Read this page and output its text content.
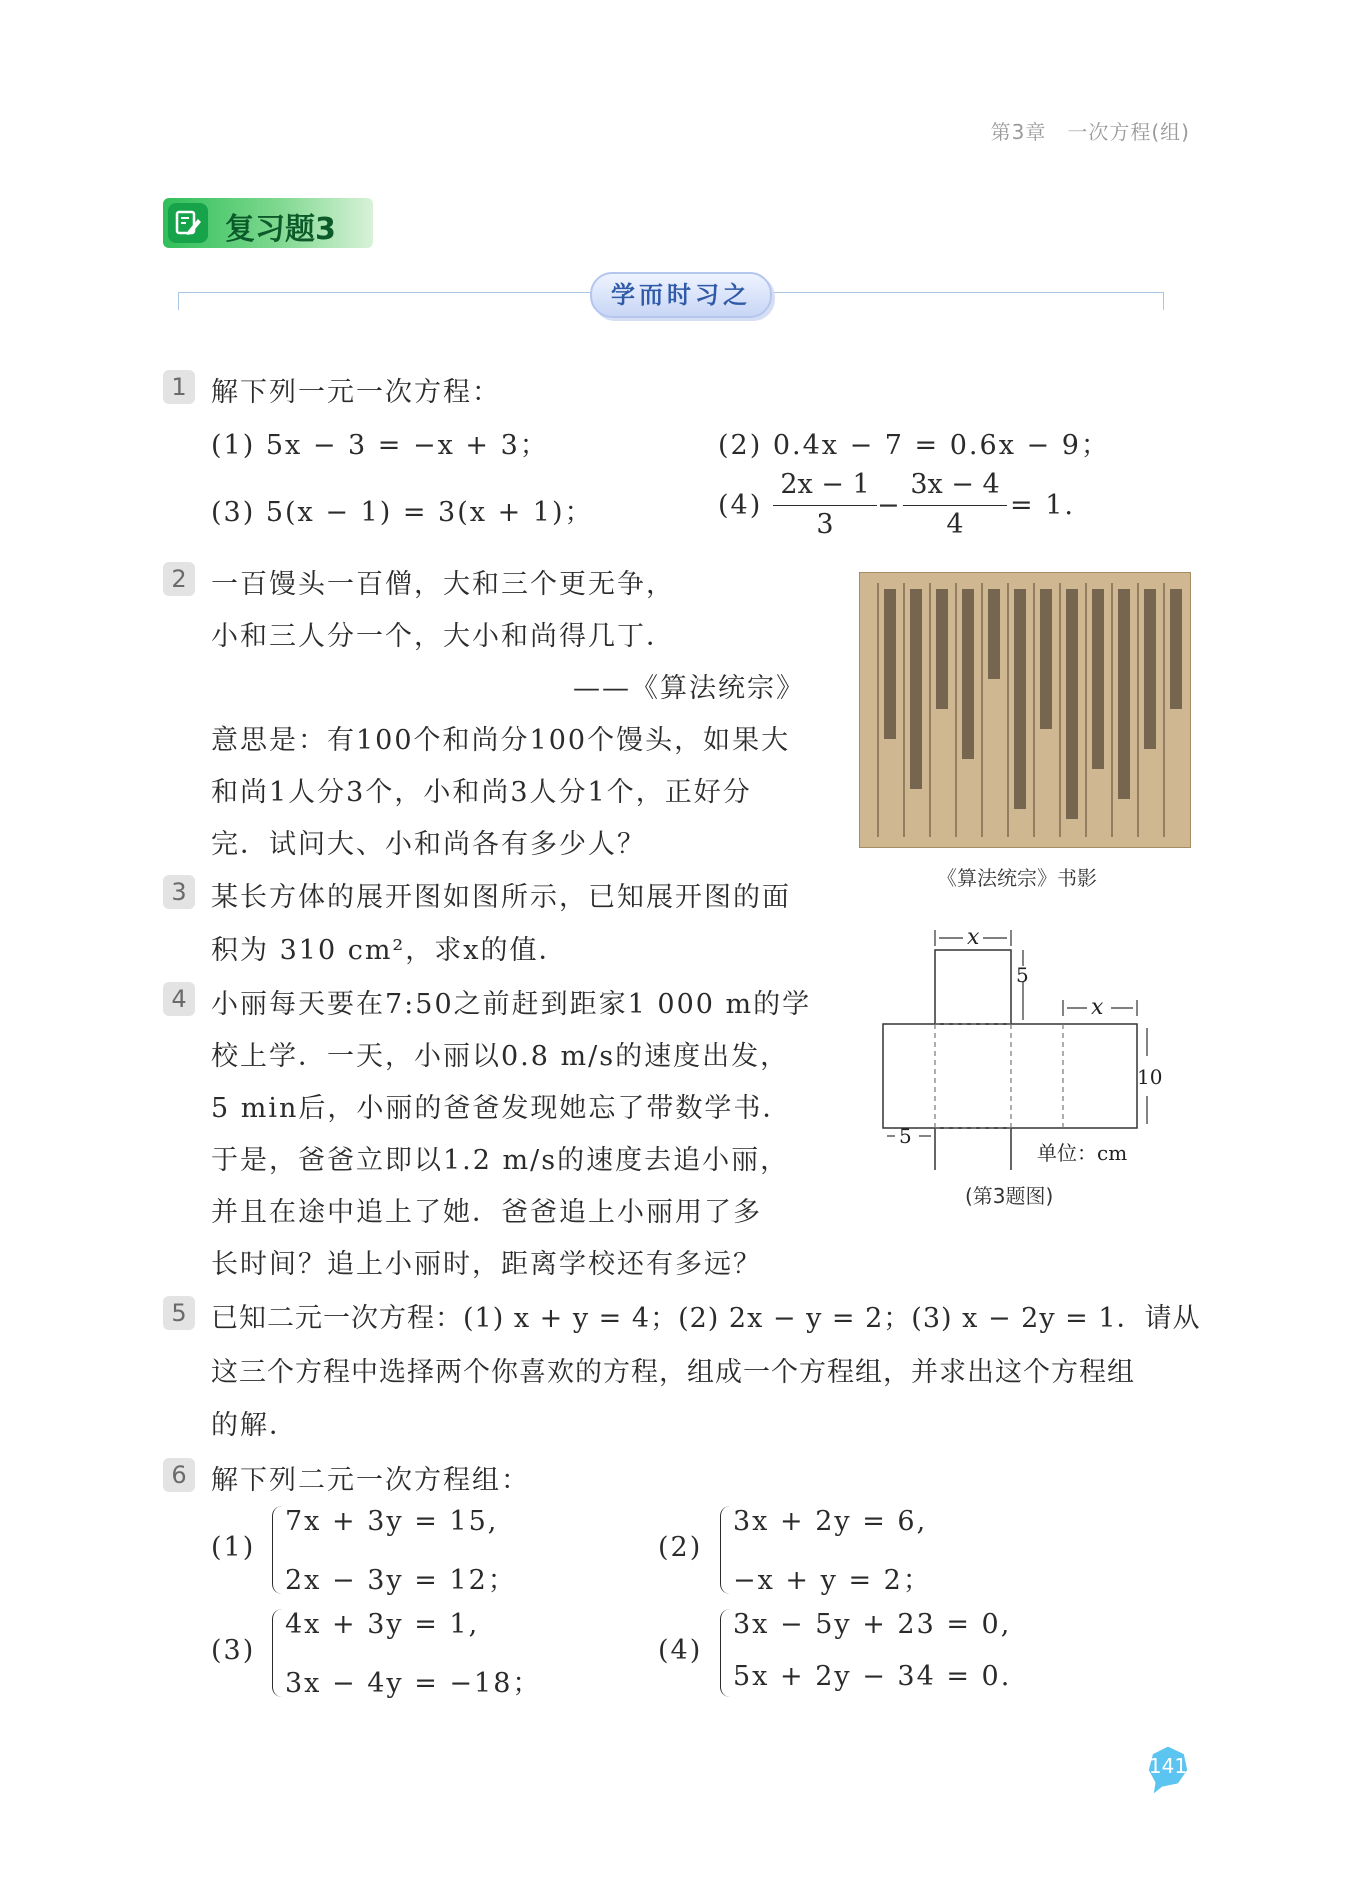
第3章　一次方程(组)
复习题3
学而时习之
1 解下列一元一次方程：
(1) 5x − 3 = −x + 3；	(2) 0.4x − 7 = 0.6x − 9；
(3) 5(x − 1) = 3(x + 1)；	(4)
2x − 1
3
−
3x − 4
4
= 1.
2 一百馒头一百僧，大和三个更无争，
小和三人分一个，大小和尚得几丁．
——《算法统宗》
意思是：有100个和尚分100个馒头，如果大
和尚1人分3个，小和尚3人分1个，正好分
完．试问大、小和尚各有多少人？
《算法统宗》书影
3 某长方体的展开图如图所示，已知展开图的面
积为 310 cm²，求x的值．	x
5
x
10
5
单位：cm
(第3题图)
4 小丽每天要在7:50之前赶到距家1 000 m的学
校上学．一天，小丽以0.8 m/s的速度出发，
5 min后，小丽的爸爸发现她忘了带数学书．
于是，爸爸立即以1.2 m/s的速度去追小丽，
并且在途中追上了她．爸爸追上小丽用了多
长时间？追上小丽时，距离学校还有多远？
5 已知二元一次方程：(1) x + y = 4；(2) 2x − y = 2；(3) x − 2y = 1．请从
这三个方程中选择两个你喜欢的方程，组成一个方程组，并求出这个方程组
的解．
6 解下列二元一次方程组：
(1)
7x + 3y = 15,
2x − 3y = 12；
(2)
3x + 2y = 6,
−x + y = 2；
(3)
4x + 3y = 1,
3x − 4y = −18；
(4)
3x − 5y + 23 = 0,
5x + 2y − 34 = 0.
141
